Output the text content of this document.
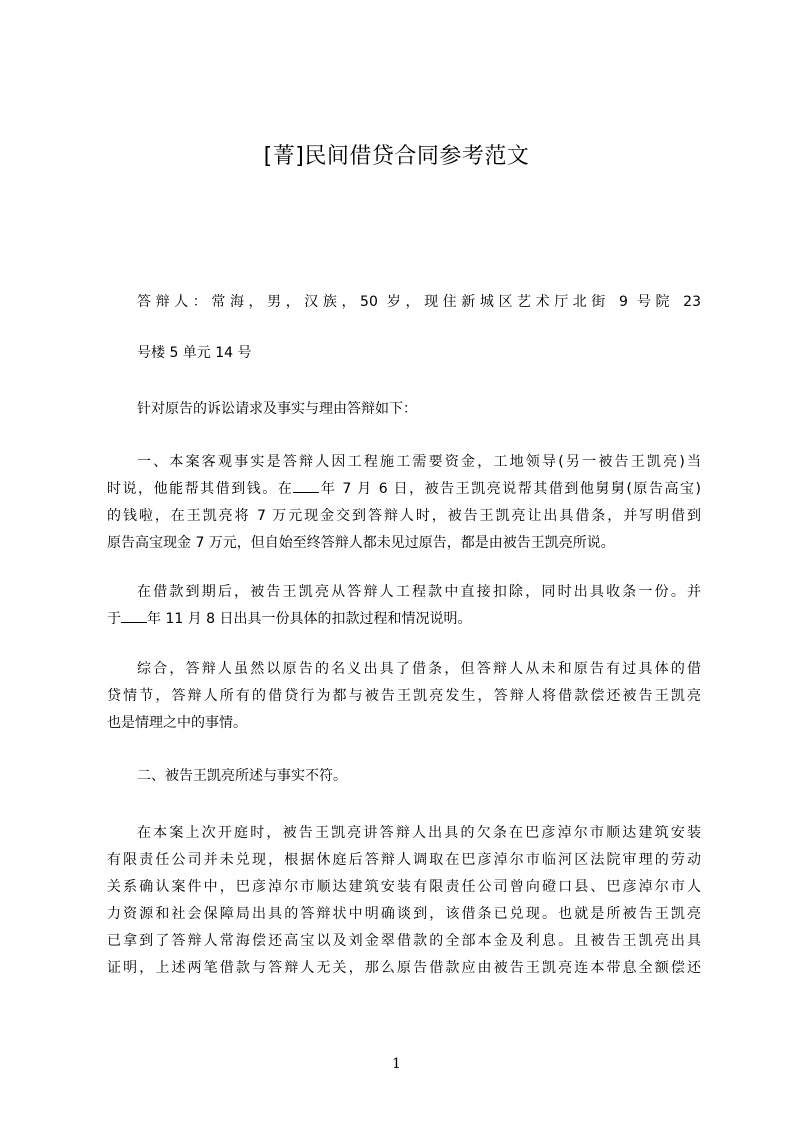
[菁]民间借贷合同参考范文
答辩人：常海，男，汉族，50 岁，现住新城区艺术厅北街 9 号院 23
号楼 5 单元 14 号
针对原告的诉讼请求及事实与理由答辩如下：
一、本案客观事实是答辩人因工程施工需要资金，工地领导(另一被告王凯亮)当
时说，他能帮其借到钱。在 年 7 月 6 日，被告王凯亮说帮其借到他舅舅(原告高宝)
的钱啦，在王凯亮将 7 万元现金交到答辩人时，被告王凯亮让出具借条，并写明借到
原告高宝现金 7 万元，但自始至终答辩人都未见过原告，都是由被告王凯亮所说。
在借款到期后，被告王凯亮从答辩人工程款中直接扣除，同时出具收条一份。并
于 年 11 月 8 日出具一份具体的扣款过程和情况说明。
综合，答辩人虽然以原告的名义出具了借条，但答辩人从未和原告有过具体的借
贷情节，答辩人所有的借贷行为都与被告王凯亮发生，答辩人将借款偿还被告王凯亮
也是情理之中的事情。
二、被告王凯亮所述与事实不符。
在本案上次开庭时，被告王凯亮讲答辩人出具的欠条在巴彦淖尔市顺达建筑安装
有限责任公司并未兑现，根据休庭后答辩人调取在巴彦淖尔市临河区法院审理的劳动
关系确认案件中，巴彦淖尔市顺达建筑安装有限责任公司曾向磴口县、巴彦淖尔市人
力资源和社会保障局出具的答辩状中明确谈到，该借条已兑现。也就是所被告王凯亮
已拿到了答辩人常海偿还高宝以及刘金翠借款的全部本金及利息。且被告王凯亮出具
证明，上述两笔借款与答辩人无关，那么原告借款应由被告王凯亮连本带息全额偿还
1
